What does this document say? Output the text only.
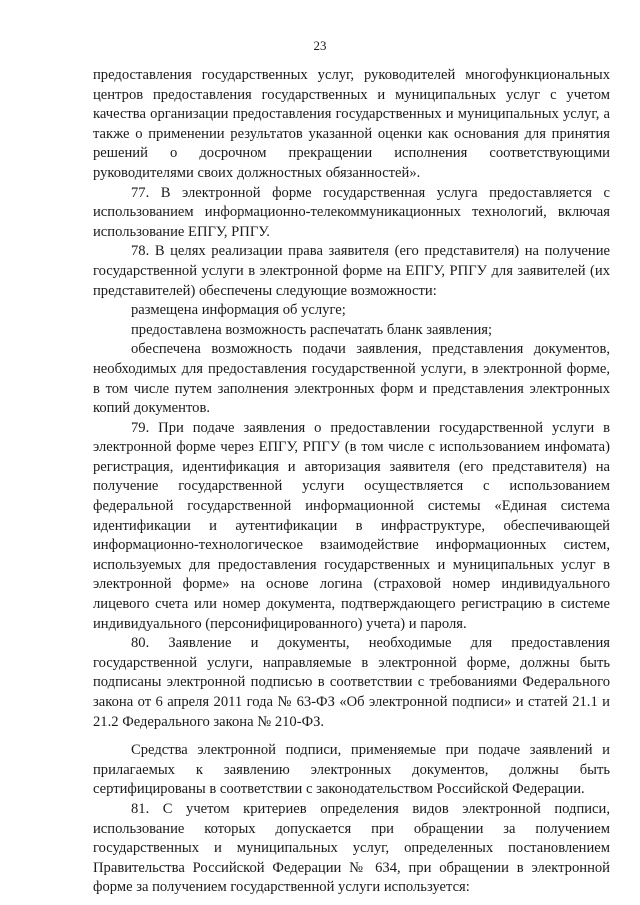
23

предоставления государственных услуг, руководителей многофункциональных центров предоставления государственных и муниципальных услуг с учетом качества организации предоставления государственных и муниципальных услуг, а также о применении результатов указанной оценки как основания для принятия решений о досрочном прекращении исполнения соответствующими руководителями своих должностных обязанностей».

77. В электронной форме государственная услуга предоставляется с использованием информационно-телекоммуникационных технологий, включая использование ЕПГУ, РПГУ.

78. В целях реализации права заявителя (его представителя) на получение государственной услуги в электронной форме на ЕПГУ, РПГУ для заявителей (их представителей) обеспечены следующие возможности:

размещена информация об услуге;

предоставлена возможность распечатать бланк заявления;

обеспечена возможность подачи заявления, представления документов, необходимых для предоставления государственной услуги, в электронной форме, в том числе путем заполнения электронных форм и представления электронных копий документов.

79. При подаче заявления о предоставлении государственной услуги в электронной форме через ЕПГУ, РПГУ (в том числе с использованием инфомата) регистрация, идентификация и авторизация заявителя (его представителя) на получение государственной услуги осуществляется с использованием федеральной государственной информационной системы «Единая система идентификации и аутентификации в инфраструктуре, обеспечивающей информационно-технологическое взаимодействие информационных систем, используемых для предоставления государственных и муниципальных услуг в электронной форме» на основе логина (страховой номер индивидуального лицевого счета или номер документа, подтверждающего регистрацию в системе индивидуального (персонифицированного) учета) и пароля.

80. Заявление и документы, необходимые для предоставления государственной услуги, направляемые в электронной форме, должны быть подписаны электронной подписью в соответствии с требованиями Федерального закона от 6 апреля 2011 года № 63-ФЗ «Об электронной подписи» и статей 21.1 и 21.2 Федерального закона № 210-ФЗ.

Средства электронной подписи, применяемые при подаче заявлений и прилагаемых к заявлению электронных документов, должны быть сертифицированы в соответствии с законодательством Российской Федерации.

81. С учетом критериев определения видов электронной подписи, использование которых допускается при обращении за получением государственных и муниципальных услуг, определенных постановлением Правительства Российской Федерации № 634, при обращении в электронной форме за получением государственной услуги используется:
